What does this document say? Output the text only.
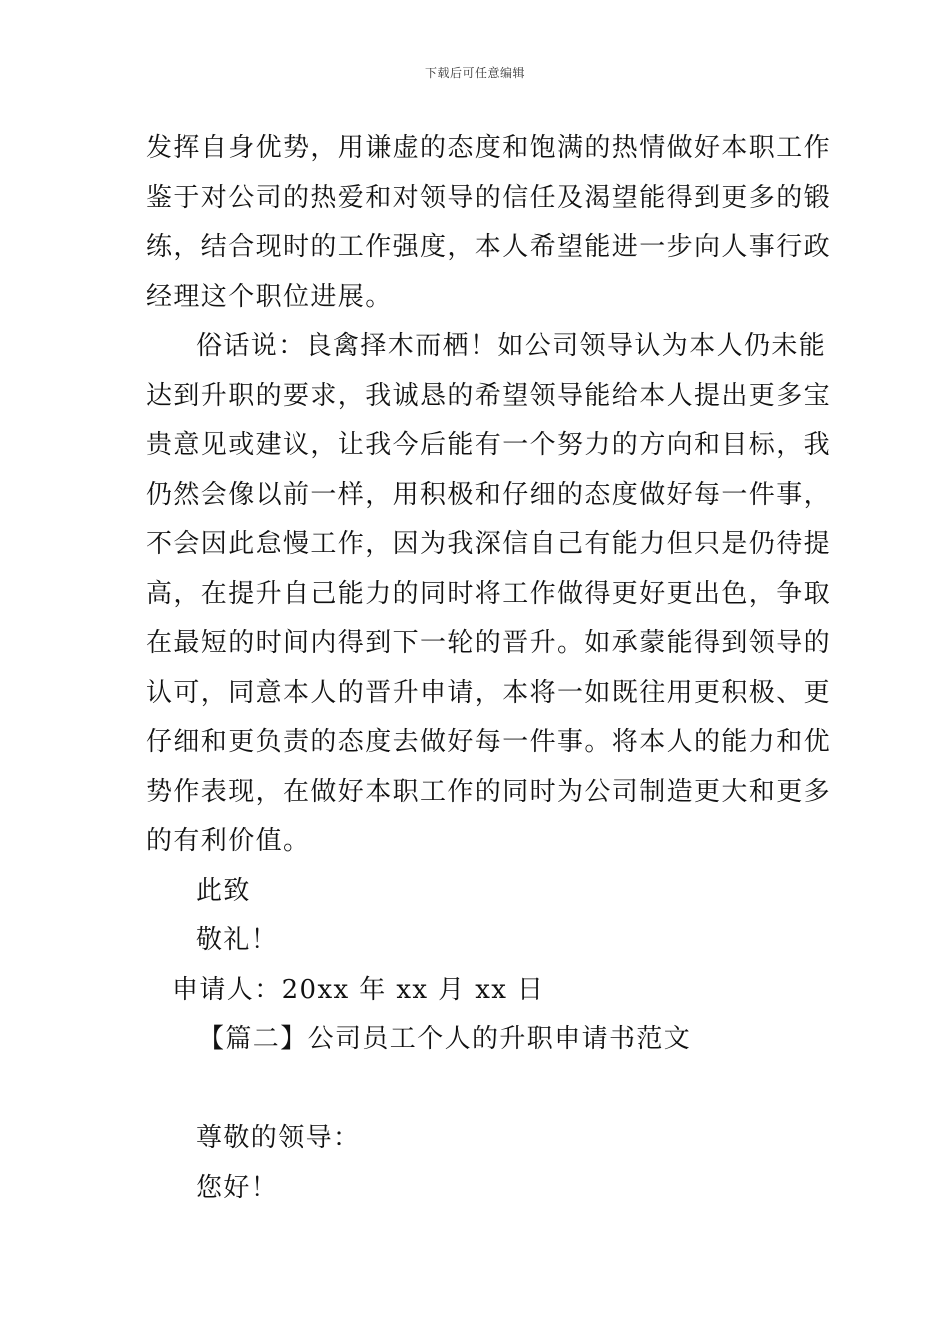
下载后可任意编辑
发挥自身优势，用谦虚的态度和饱满的热情做好本职工作
鉴于对公司的热爱和对领导的信任及渴望能得到更多的锻
练，结合现时的工作强度，本人希望能进一步向人事行政
经理这个职位进展。
俗话说：良禽择木而栖！如公司领导认为本人仍未能
达到升职的要求，我诚恳的希望领导能给本人提出更多宝
贵意见或建议，让我今后能有一个努力的方向和目标，我
仍然会像以前一样，用积极和仔细的态度做好每一件事，
不会因此怠慢工作，因为我深信自己有能力但只是仍待提
高，在提升自己能力的同时将工作做得更好更出色，争取
在最短的时间内得到下一轮的晋升。如承蒙能得到领导的
认可，同意本人的晋升申请，本将一如既往用更积极、更
仔细和更负责的态度去做好每一件事。将本人的能力和优
势作表现，在做好本职工作的同时为公司制造更大和更多
的有利价值。
此致
敬礼！
申请人：20xx 年 xx 月 xx 日
【篇二】公司员工个人的升职申请书范文
尊敬的领导：
您好！
